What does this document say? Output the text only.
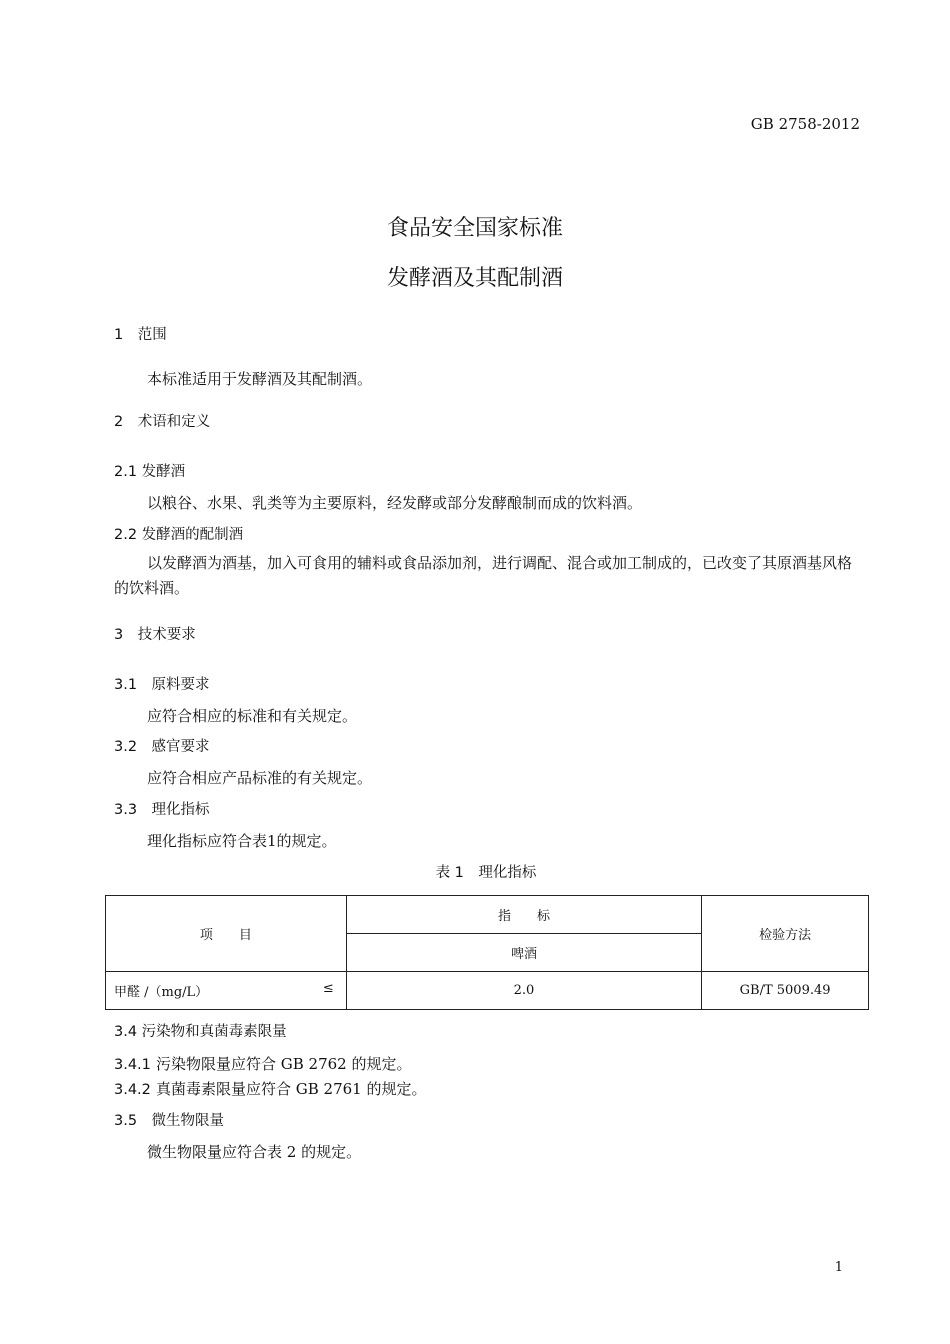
GB 2758-2012
食品安全国家标准
发酵酒及其配制酒
1　范围
本标准适用于发酵酒及其配制酒。
2　术语和定义
2.1 发酵酒
以粮谷、水果、乳类等为主要原料，经发酵或部分发酵酿制而成的饮料酒。
2.2 发酵酒的配制酒
以发酵酒为酒基，加入可食用的辅料或食品添加剂，进行调配、混合或加工制成的，已改变了其原酒基风格的饮料酒。
3　技术要求
3.1　原料要求
应符合相应的标准和有关规定。
3.2　感官要求
应符合相应产品标准的有关规定。
3.3　理化指标
理化指标应符合表1的规定。
表 1　理化指标
项　　目	指　　标	检验方法
	啤酒	

甲醛 /（mg/L） ≤	2.0	GB/T 5009.49
3.4 污染物和真菌毒素限量
3.4.1 污染物限量应符合 GB 2762 的规定。
3.4.2 真菌毒素限量应符合 GB 2761 的规定。
3.5　微生物限量
微生物限量应符合表 2 的规定。
1
